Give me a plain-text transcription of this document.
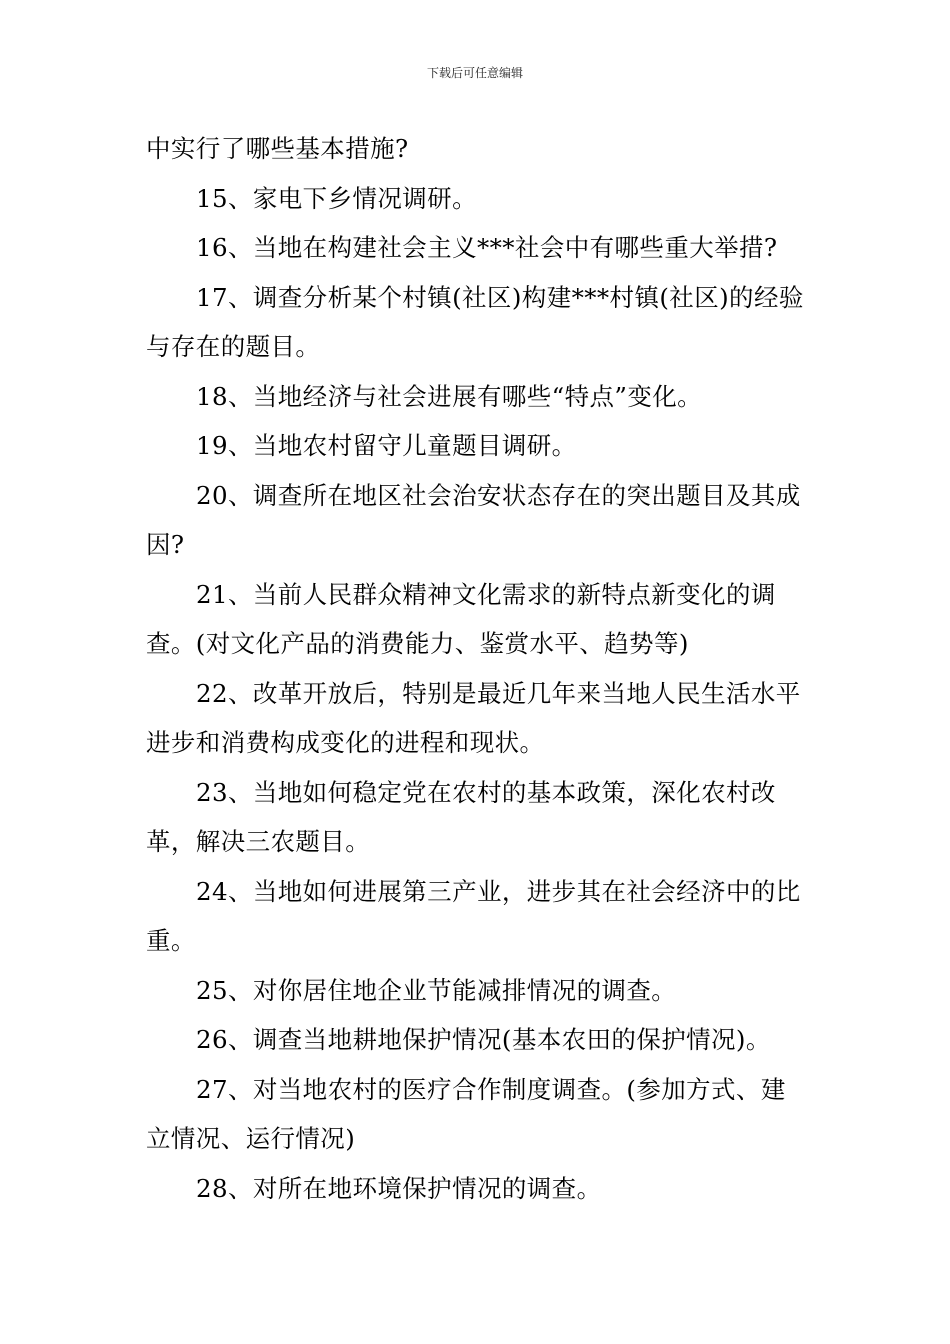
下载后可任意编辑

中实行了哪些基本措施?

15、家电下乡情况调研。

16、当地在构建社会主义***社会中有哪些重大举措?

17、调查分析某个村镇(社区)构建***村镇(社区)的经验与存在的题目。

18、当地经济与社会进展有哪些“特点”变化。

19、当地农村留守儿童题目调研。

20、调查所在地区社会治安状态存在的突出题目及其成因?

21、当前人民群众精神文化需求的新特点新变化的调查。(对文化产品的消费能力、鉴赏水平、趋势等)

22、改革开放后，特别是最近几年来当地人民生活水平进步和消费构成变化的进程和现状。

23、当地如何稳定党在农村的基本政策，深化农村改革，解决三农题目。

24、当地如何进展第三产业，进步其在社会经济中的比重。

25、对你居住地企业节能减排情况的调查。

26、调查当地耕地保护情况(基本农田的保护情况)。

27、对当地农村的医疗合作制度调查。(参加方式、建立情况、运行情况)

28、对所在地环境保护情况的调查。
